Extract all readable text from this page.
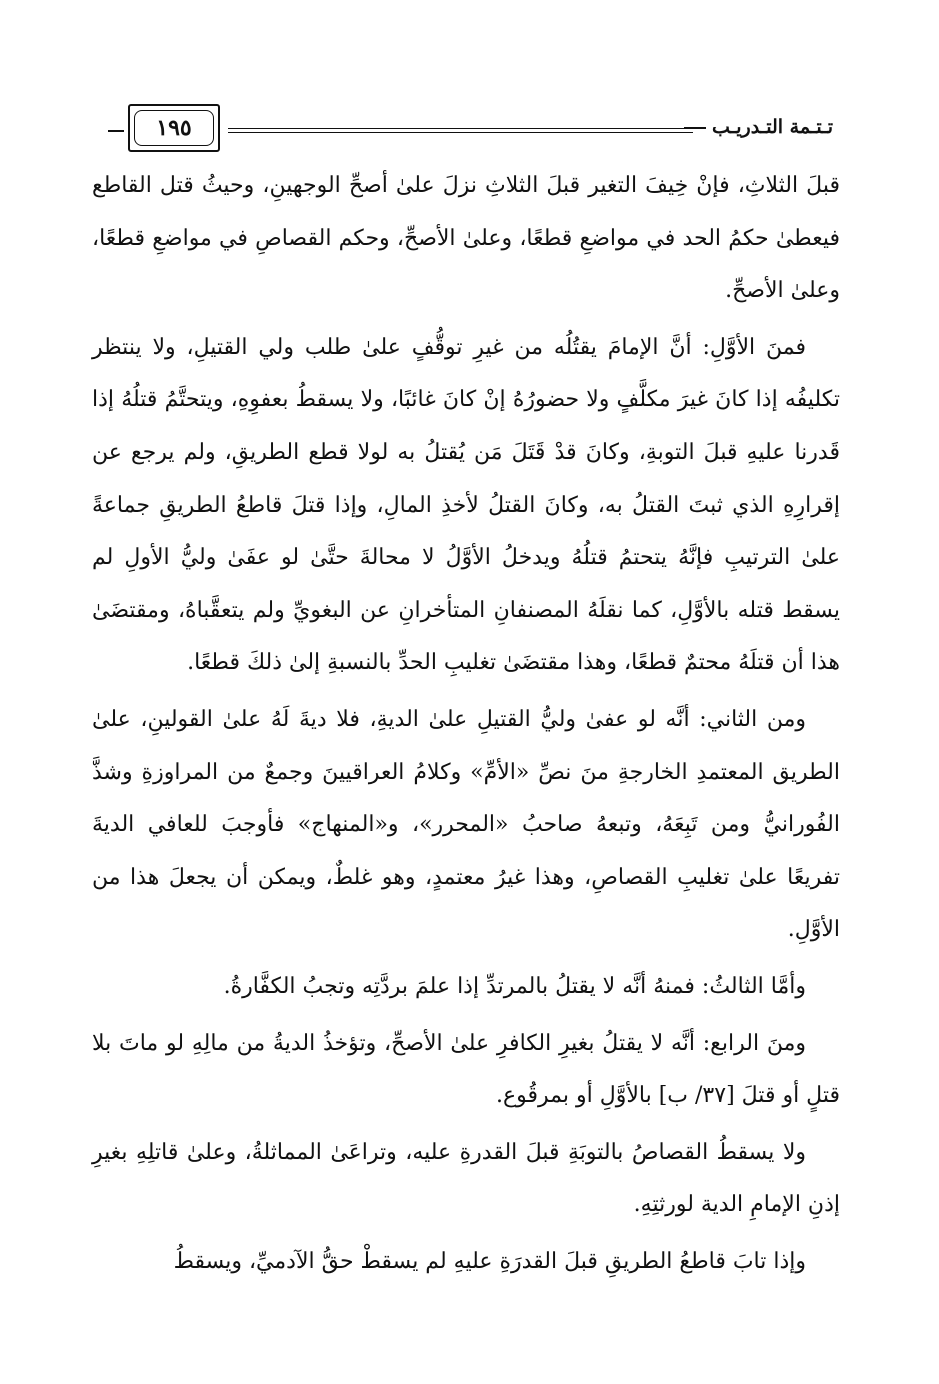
تـتـمة التـدريـب
١٩٥

قبلَ الثلاثِ، فإنْ خِيفَ التغير قبلَ الثلاثِ نزلَ علىٰ أصحِّ الوجهينِ، وحيثُ قتل القاطع فيعطىٰ حكمُ الحد في مواضعِ قطعًا، وعلىٰ الأصحِّ، وحكم القصاصِ في مواضعِ قطعًا، وعلىٰ الأصحِّ.

فمنَ الأوَّلِ: أنَّ الإمامَ يقتُلُه من غيرِ توقُّفٍ علىٰ طلب ولي القتيلِ، ولا ينتظر تكليفُه إذا كانَ غيرَ مكلَّفٍ ولا حضورُهُ إنْ كانَ غائبًا، ولا يسقطُ بعفوِهِ، ويتحتَّمُ قتلُهُ إذا قَدرنا عليهِ قبلَ التوبةِ، وكانَ قدْ قَتَلَ مَن يُقتلُ به لولا قطع الطريقِ، ولم يرجع عن إقرارِهِ الذي ثبتَ القتلُ به، وكانَ القتلُ لأخذِ المالِ، وإذا قتلَ قاطعُ الطريقِ جماعةً علىٰ الترتيبِ فإنَّهُ يتحتمُ قتلُهُ ويدخلُ الأوَّلُ لا محالةَ حتَّىٰ لو عفَىٰ وليُّ الأولِ لم يسقط قتله بالأوَّلِ، كما نقلَهُ المصنفانِ المتأخرانِ عن البغويِّ ولم يتعقَّباهُ، ومقتضَىٰ هذا أن قتلَهُ محتمٌ قطعًا، وهذا مقتضَىٰ تغليبِ الحدِّ بالنسبةِ إلىٰ ذلكَ قطعًا.

ومن الثاني: أنَّه لو عفىٰ وليُّ القتيلِ علىٰ الديةِ، فلا ديةَ لَهُ علىٰ القولينِ، علىٰ الطريق المعتمدِ الخارجةِ منَ نصِّ «الأمِّ» وكلامُ العراقيينَ وجمعٌ من المراوزةِ وشذَّ الفُورانيُّ ومن تَبِعَهُ، وتبعهُ صاحبُ «المحرر»، و«المنهاج» فأوجبَ للعافي الديةَ تفريعًا علىٰ تغليبِ القصاصِ، وهذا غيرُ معتمدٍ، وهو غلطٌ، ويمكن أن يجعلَ هذا من الأوَّلِ.

وأمَّا الثالثُ: فمنهُ أنَّه لا يقتلُ بالمرتدِّ إذا علمَ بردَّتِه وتجبُ الكفَّارةُ.

ومنَ الرابع: أنَّه لا يقتلُ بغيرِ الكافرِ علىٰ الأصحِّ، وتؤخذُ الديةُ من مالِهِ لو ماتَ بلا قتلٍ أو قتلَ [٣٧/ ب] بالأوَّلِ أو بمرقُوع.

ولا يسقطُ القصاصُ بالتوبَةِ قبلَ القدرةِ عليه، وتراعَىٰ المماثلةُ، وعلىٰ قاتلِهِ بغيرِ إذنِ الإمامِ الدية لورثتِهِ.

وإذا تابَ قاطعُ الطريقِ قبلَ القدرَةِ عليهِ لم يسقطْ حقُّ الآدميِّ، ويسقطُ
